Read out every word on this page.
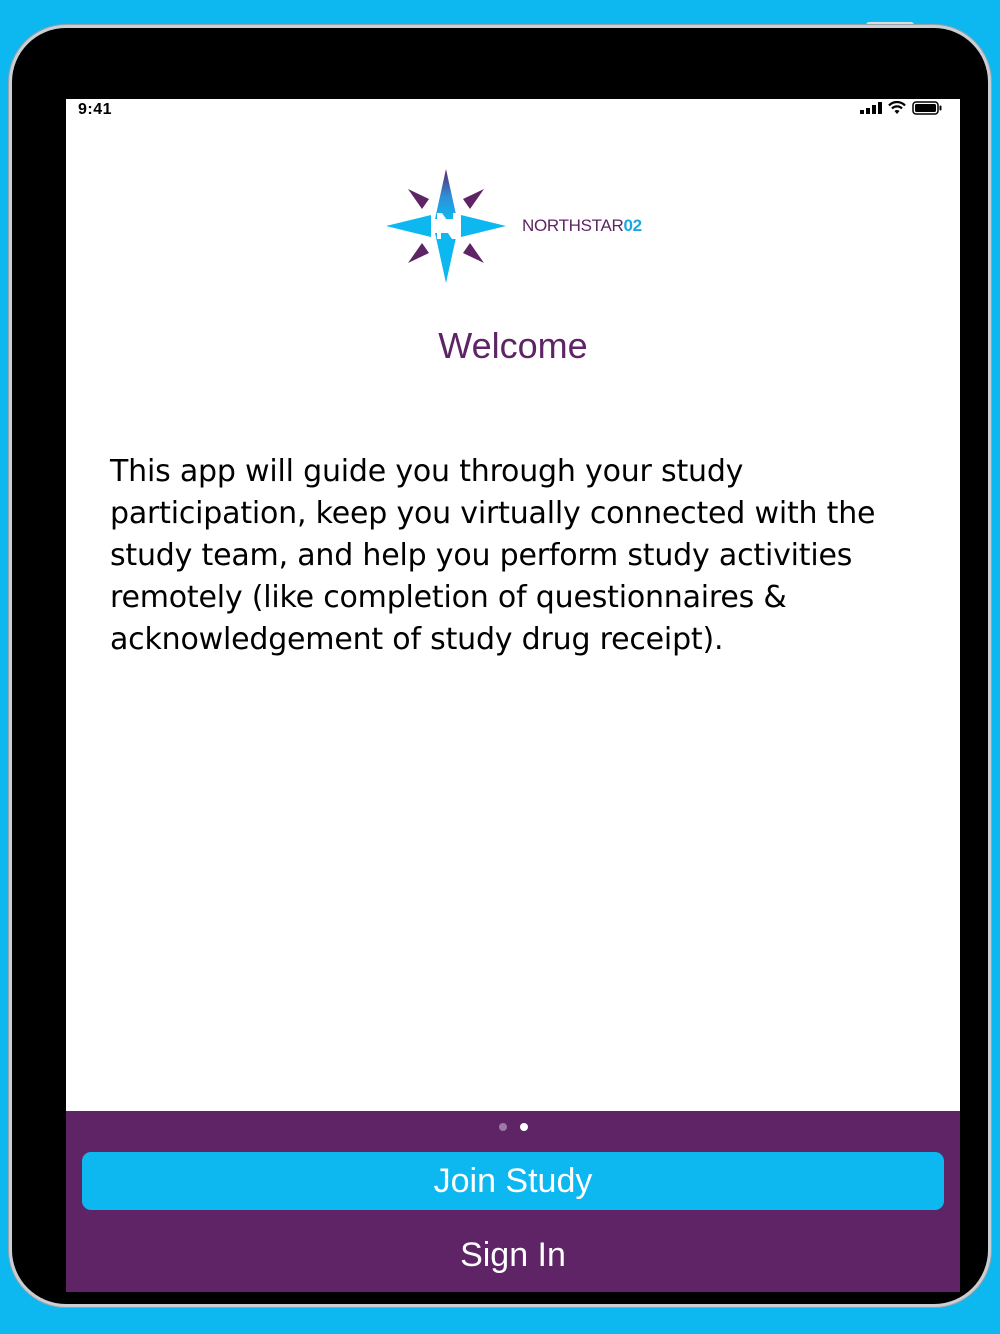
9:41
NORTHSTAR02
Welcome
This app will guide you through your study participation, keep you virtually connected with the study team, and help you perform study activities remotely (like completion of questionnaires & acknowledgement of study drug receipt).
Join Study
Sign In
